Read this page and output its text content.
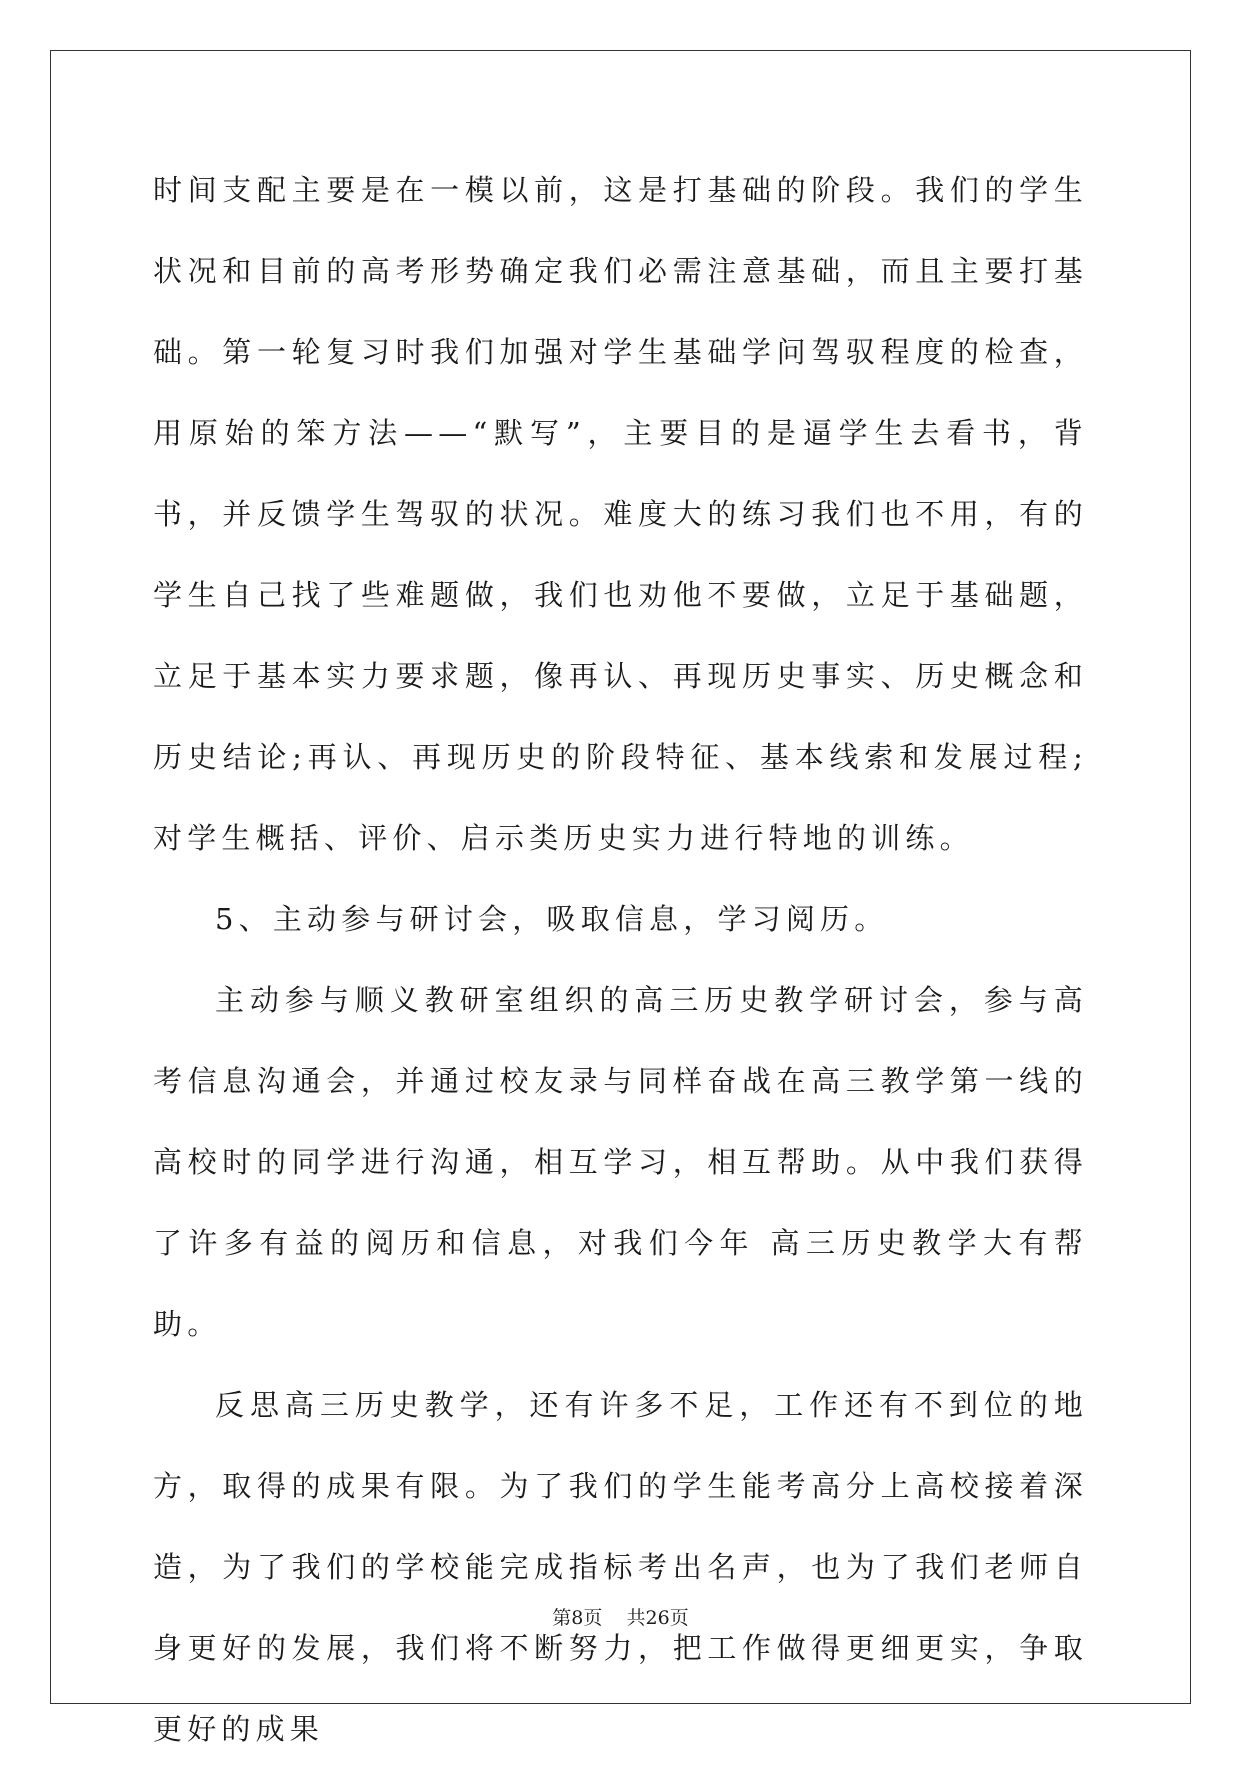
时间支配主要是在一模以前，这是打基础的阶段。我们的学生状况和目前的高考形势确定我们必需注意基础，而且主要打基础。第一轮复习时我们加强对学生基础学问驾驭程度的检查，用原始的笨方法——“默写”，主要目的是逼学生去看书，背书，并反馈学生驾驭的状况。难度大的练习我们也不用，有的学生自己找了些难题做，我们也劝他不要做，立足于基础题，立足于基本实力要求题，像再认、再现历史事实、历史概念和历史结论;再认、再现历史的阶段特征、基本线索和发展过程;对学生概括、评价、启示类历史实力进行特地的训练。

5、主动参与研讨会，吸取信息，学习阅历。

主动参与顺义教研室组织的高三历史教学研讨会，参与高考信息沟通会，并通过校友录与同样奋战在高三教学第一线的高校时的同学进行沟通，相互学习，相互帮助。从中我们获得了许多有益的阅历和信息，对我们今年 高三历史教学大有帮助。

反思高三历史教学，还有许多不足，工作还有不到位的地方，取得的成果有限。为了我们的学生能考高分上高校接着深造，为了我们的学校能完成指标考出名声，也为了我们老师自身更好的发展，我们将不断努力，把工作做得更细更实，争取更好的成果

第8页 共26页
